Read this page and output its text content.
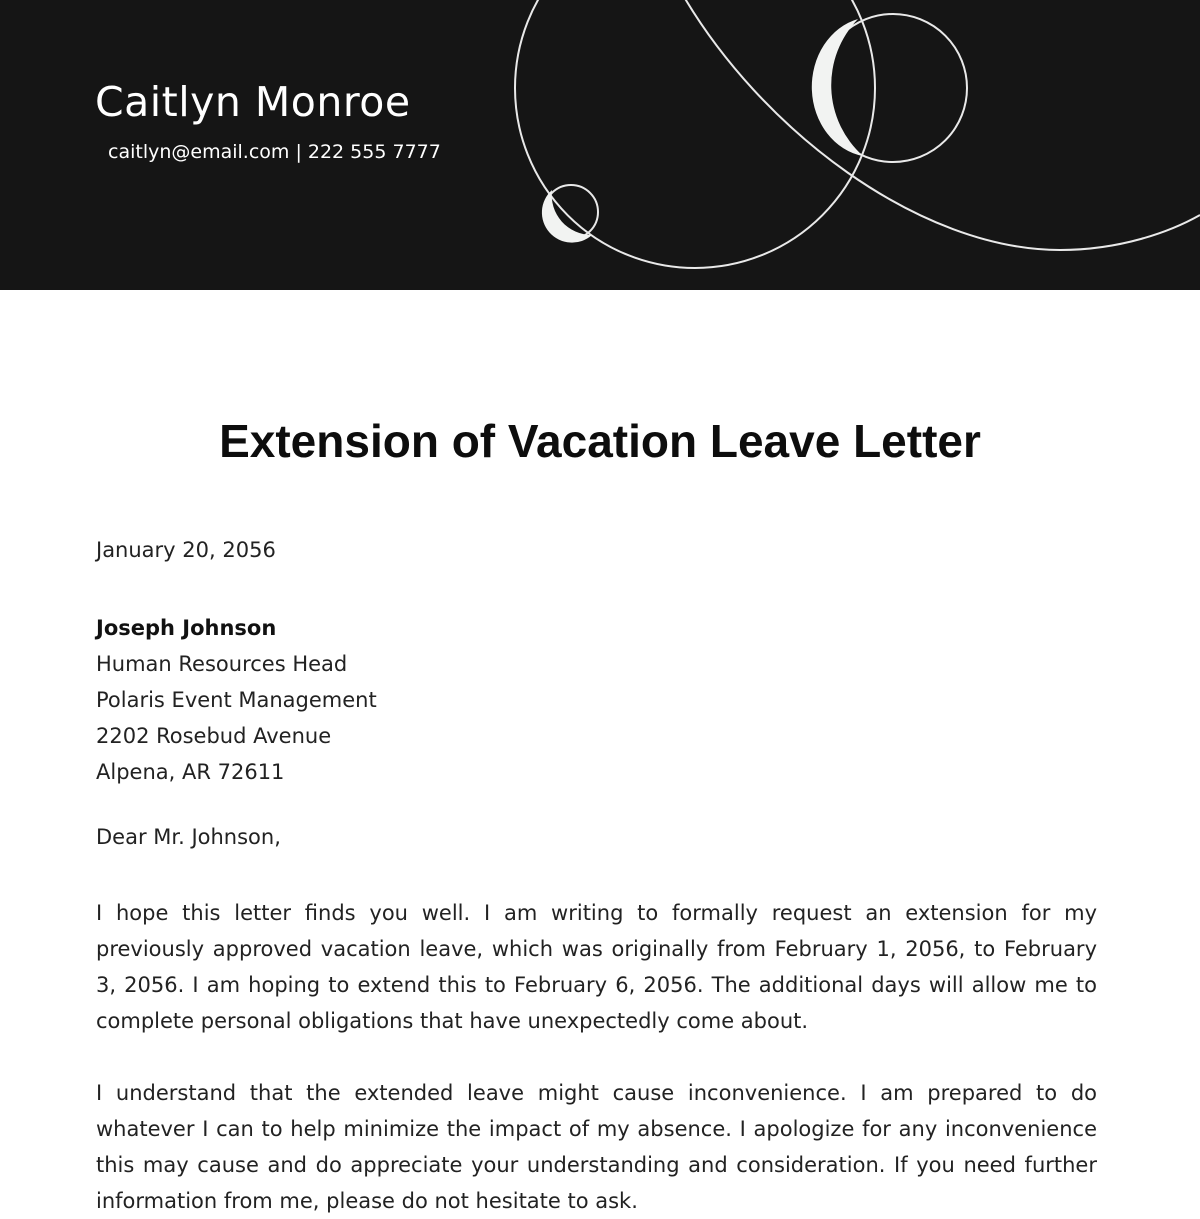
Caitlyn Monroe
caitlyn@email.com | 222 555 7777
Extension of Vacation Leave Letter
January 20, 2056
Joseph Johnson
Human Resources Head
Polaris Event Management
2202 Rosebud Avenue
Alpena, AR 72611
Dear Mr. Johnson,

I hope this letter finds you well. I am writing to formally request an extension for my previously approved vacation leave, which was originally from February 1, 2056, to February 3, 2056. I am hoping to extend this to February 6, 2056. The additional days will allow me to complete personal obligations that have unexpectedly come about.

I understand that the extended leave might cause inconvenience. I am prepared to do whatever I can to help minimize the impact of my absence. I apologize for any inconvenience this may cause and do appreciate your understanding and consideration. If you need further information from me, please do not hesitate to ask.
